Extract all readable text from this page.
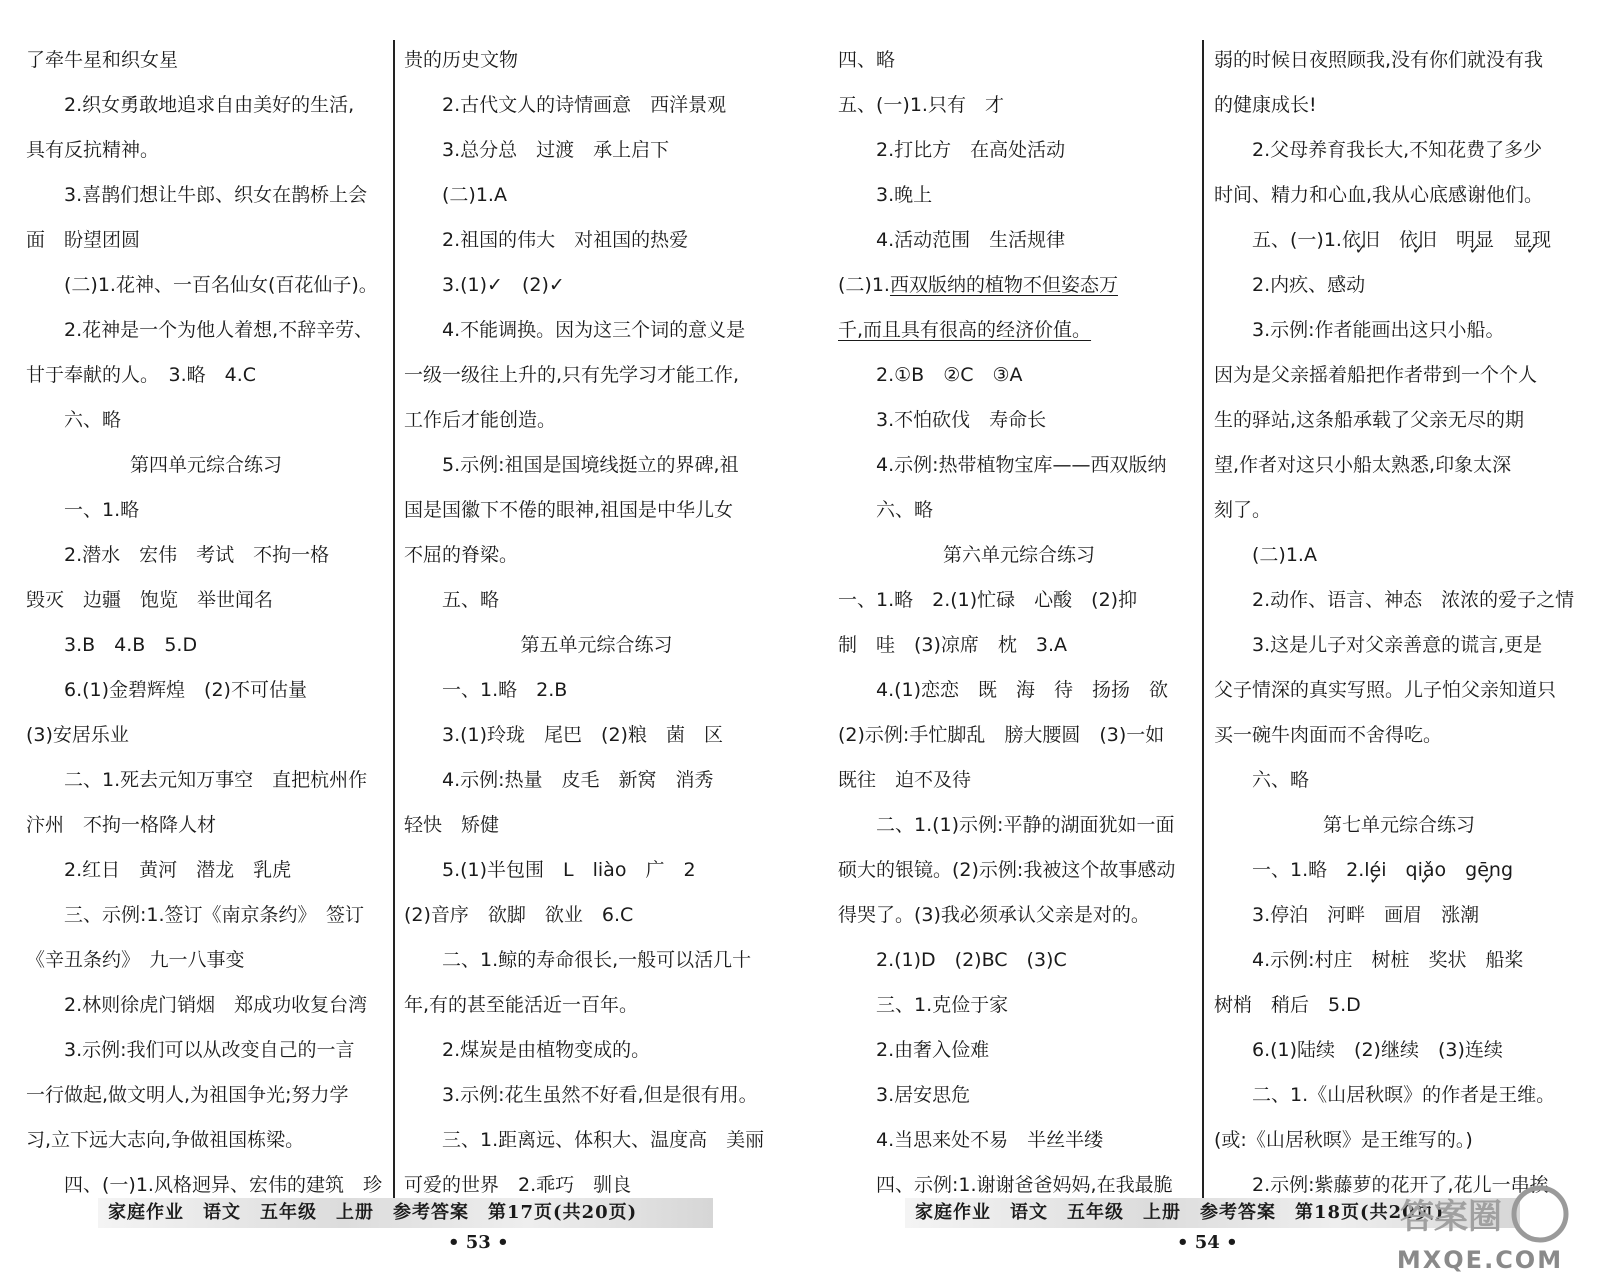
了牵牛星和织女星
2.织女勇敢地追求自由美好的生活,
具有反抗精神。
3.喜鹊们想让牛郎、织女在鹊桥上会
面　盼望团圆
(二)1.花神、一百名仙女(百花仙子)。
2.花神是一个为他人着想,不辞辛劳、
甘于奉献的人。　3.略　4.C
六、略
第四单元综合练习
一、1.略
2.潜水　宏伟　考试　不拘一格
毁灭　边疆　饱览　举世闻名
3.B　4.B　5.D
6.(1)金碧辉煌　(2)不可估量
(3)安居乐业
二、1.死去元知万事空　直把杭州作
汴州　不拘一格降人材
2.红日　黄河　潜龙　乳虎
三、示例:1.签订《南京条约》　签订
《辛丑条约》　九一八事变
2.林则徐虎门销烟　郑成功收复台湾
3.示例:我们可以从改变自己的一言
一行做起,做文明人,为祖国争光;努力学
习,立下远大志向,争做祖国栋梁。
四、(一)1.风格迥异、宏伟的建筑　珍
贵的历史文物
2.古代文人的诗情画意　西洋景观
3.总分总　过渡　承上启下
(二)1.A
2.祖国的伟大　对祖国的热爱
3.(1)✓　(2)✓
4.不能调换。因为这三个词的意义是
一级一级往上升的,只有先学习才能工作,
工作后才能创造。
5.示例:祖国是国境线挺立的界碑,祖
国是国徽下不倦的眼神,祖国是中华儿女
不屈的脊梁。
五、略
第五单元综合练习
一、1.略　2.B
3.(1)玲珑　尾巴　(2)粮　菌　区
4.示例:热量　皮毛　新窝　消秀
轻快　矫健
5.(1)半包围　L　liào　广　2
(2)音序　欲脚　欲业　6.C
二、1.鲸的寿命很长,一般可以活几十
年,有的甚至能活近一百年。
2.煤炭是由植物变成的。
3.示例:花生虽然不好看,但是很有用。
三、1.距离远、体积大、温度高　美丽
可爱的世界　2.乖巧　驯良
四、略
五、(一)1.只有　才
2.打比方　在高处活动
3.晚上
4.活动范围　生活规律
(二)1.西双版纳的植物不但姿态万
千,而且具有很高的经济价值。
2.①B　②C　③A
3.不怕砍伐　寿命长
4.示例:热带植物宝库——西双版纳
六、略
第六单元综合练习
一、1.略　2.(1)忙碌　心酸　(2)抑
制　哇　(3)凉席　枕　3.A
4.(1)恋恋　既　海　待　扬扬　欲
(2)示例:手忙脚乱　膀大腰圆　(3)一如
既往　迫不及待
二、1.(1)示例:平静的湖面犹如一面
硕大的银镜。(2)示例:我被这个故事感动
得哭了。(3)我必须承认父亲是对的。
2.(1)D　(2)BC　(3)C
三、1.克俭于家
2.由奢入俭难
3.居安思危
4.当思来处不易　半丝半缕
四、示例:1.谢谢爸爸妈妈,在我最脆
弱的时候日夜照顾我,没有你们就没有我
的健康成长!
2.父母养育我长大,不知花费了多少
时间、精力和心血,我从心底感谢他们。
五、(一)1.依旧 ✓　 依旧 ✓　 明显 ✓　 显现 ✓
2.内疚、感动
3.示例:作者能画出这只小船。
因为是父亲摇着船把作者带到一个个人
生的驿站,这条船承载了父亲无尽的期
望,作者对这只小船太熟悉,印象太深
刻了。
(二)1.A
2.动作、语言、神态　浓浓的爱子之情
3.这是儿子对父亲善意的谎言,更是
父子情深的真实写照。儿子怕父亲知道只
买一碗牛肉面而不舍得吃。
六、略
第七单元综合练习
一、1.略　2.léi ✓　 qiǎo ✓　 gēng ✓
3.停泊　河畔　画眉　涨潮
4.示例:村庄　树桩　奖状　船桨
树梢　稍后　5.D
6.(1)陆续　(2)继续　(3)连续
二、1.《山居秋暝》的作者是王维。
(或:《山居秋暝》是王维写的。)
2.示例:紫藤萝的花开了,花儿一串挨
家庭作业　语文　五年级　上册　参考答案　第17页(共20页)	家庭作业　语文　五年级　上册　参考答案　第18页(共20页)
• 53 •	• 54 •
答案圈
MXQE.COM
